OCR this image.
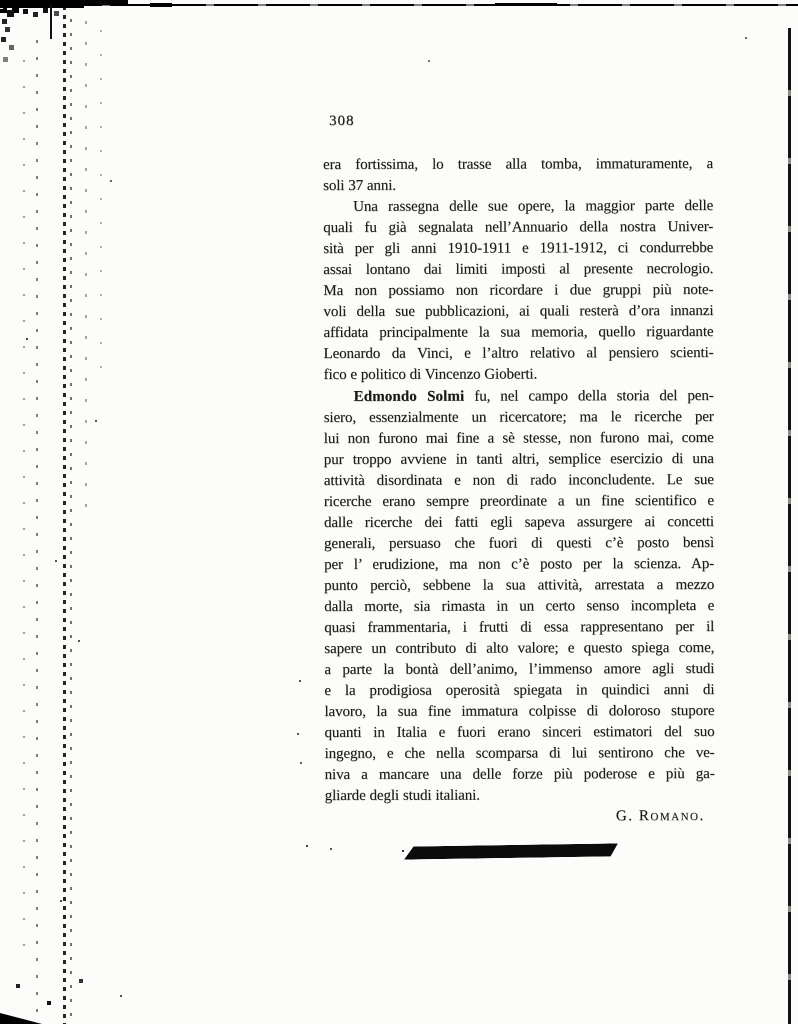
308
era fortissima, lo trasse alla tomba, immaturamente, a
soli 37 anni.
Una rassegna delle sue opere, la maggior parte delle
quali fu già segnalata nell’Annuario della nostra Univer-
sità per gli anni 1910-1911 e 1911-1912, ci condurrebbe
assai lontano dai limiti imposti al presente necrologio.
Ma non possiamo non ricordare i due gruppi più note-
voli della sue pubblicazioni, ai quali resterà d’ora innanzi
affidata principalmente la sua memoria, quello riguardante
Leonardo da Vinci, e l’altro relativo al pensiero scienti-
fico e politico di Vincenzo Gioberti.
Edmondo Solmi fu, nel campo della storia del pen-
siero, essenzialmente un ricercatore; ma le ricerche per
lui non furono mai fine a sè stesse, non furono mai, come
pur troppo avviene in tanti altri, semplice esercizio di una
attività disordinata e non di rado inconcludente. Le sue
ricerche erano sempre preordinate a un fine scientifico e
dalle ricerche dei fatti egli sapeva assurgere ai concetti
generali, persuaso che fuori di questi c’è posto bensì
per l’ erudizione, ma non c’è posto per la scienza. Ap-
punto perciò, sebbene la sua attività, arrestata a mezzo
dalla morte, sia rimasta in un certo senso incompleta e
quasi frammentaria, i frutti di essa rappresentano per il
sapere un contributo di alto valore; e questo spiega come,
a parte la bontà dell’animo, l’immenso amore agli studi
e la prodigiosa operosità spiegata in quindici anni di
lavoro, la sua fine immatura colpisse di doloroso stupore
quanti in Italia e fuori erano sinceri estimatori del suo
ingegno, e che nella scomparsa di lui sentirono che ve-
niva a mancare una delle forze più poderose e più ga-
gliarde degli studi italiani.
G. Romano.
